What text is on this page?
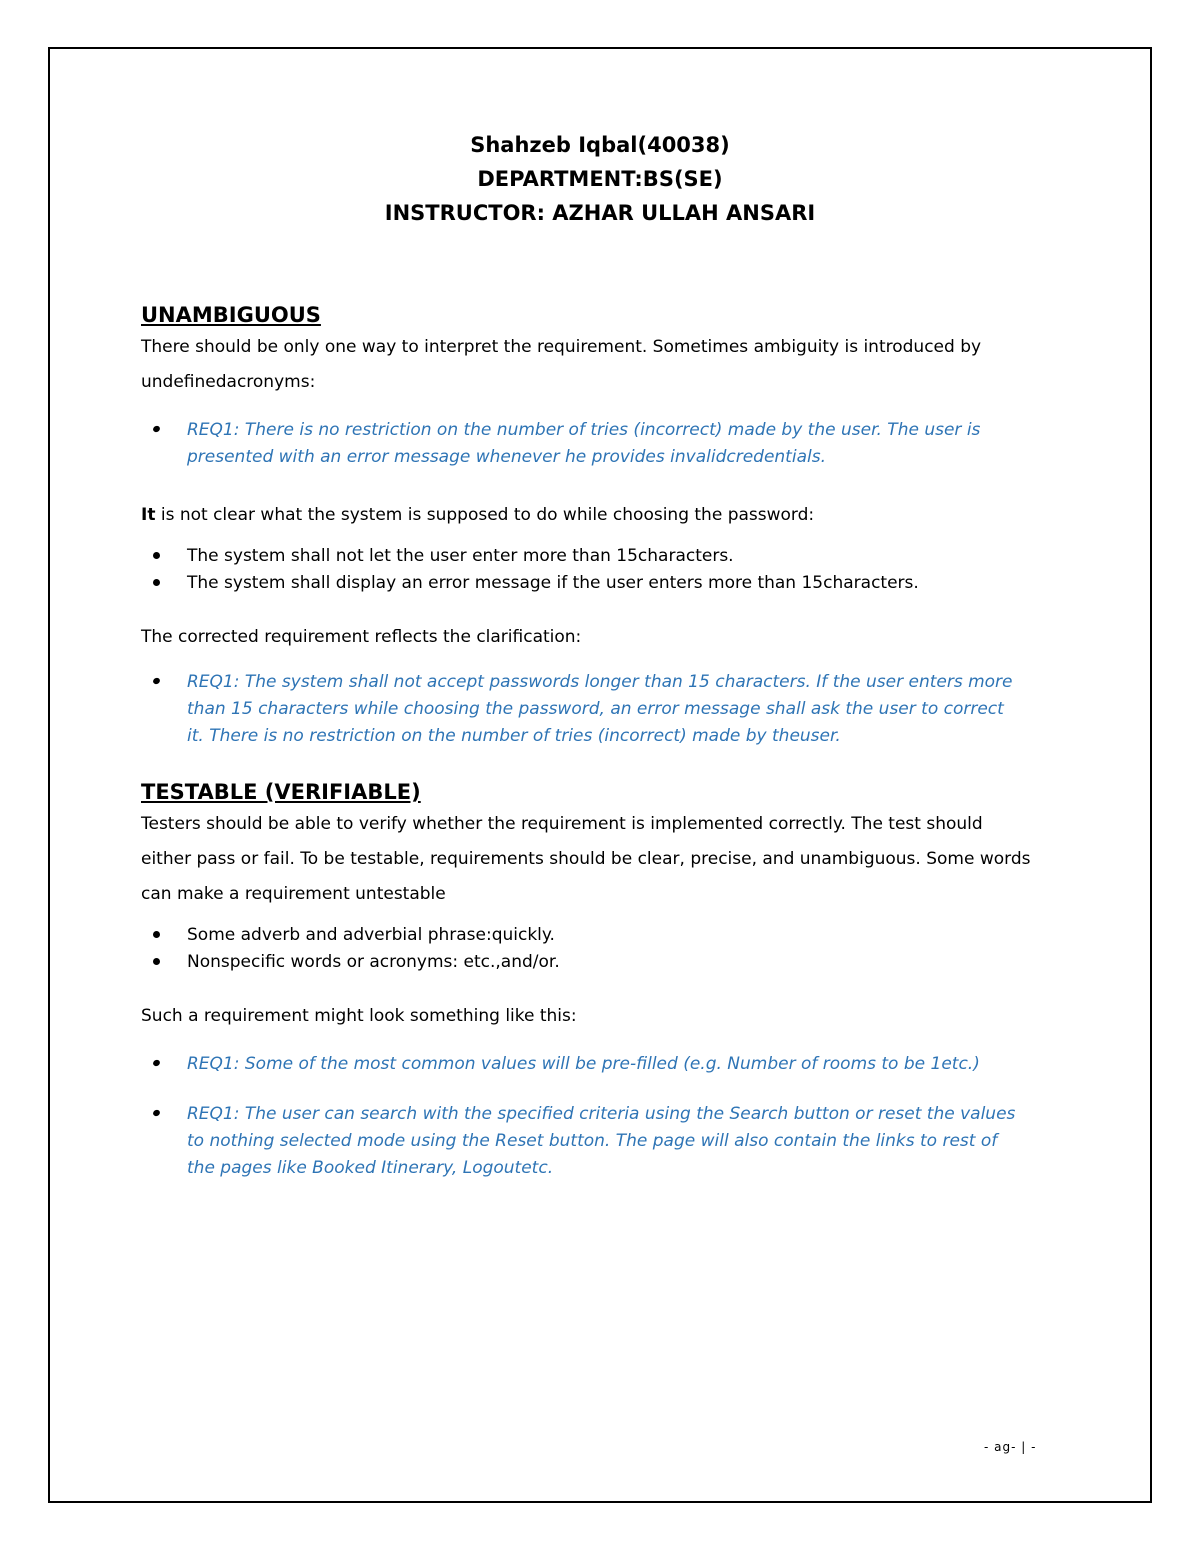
Shahzeb Iqbal(40038)
DEPARTMENT:BS(SE)
INSTRUCTOR: AZHAR ULLAH ANSARI
UNAMBIGUOUS

There should be only one way to interpret the requirement. Sometimes ambiguity is introduced by

undefinedacronyms:

REQ1: There is no restriction on the number of tries (incorrect) made by the user. The user is presented with an error message whenever he provides invalidcredentials.

It is not clear what the system is supposed to do while choosing the password:

The system shall not let the user enter more than 15characters.
The system shall display an error message if the user enters more than 15characters.

The corrected requirement reflects the clarification:

REQ1: The system shall not accept passwords longer than 15 characters. If the user enters more than 15 characters while choosing the password, an error message shall ask the user to correct it. There is no restriction on the number of tries (incorrect) made by theuser.
TESTABLE (VERIFIABLE)

Testers should be able to verify whether the requirement is implemented correctly. The test should

either pass or fail. To be testable, requirements should be clear, precise, and unambiguous. Some words

can make a requirement untestable

Some adverb and adverbial phrase:quickly.
Nonspecific words or acronyms: etc.,and/or.

Such a requirement might look something like this:

REQ1: Some of the most common values will be pre-filled (e.g. Number of rooms to be 1etc.)
REQ1: The user can search with the specified criteria using the Search button or reset the values to nothing selected mode using the Reset button. The page will also contain the links to rest of the pages like Booked Itinerary, Logoutetc.
- ag- | -
